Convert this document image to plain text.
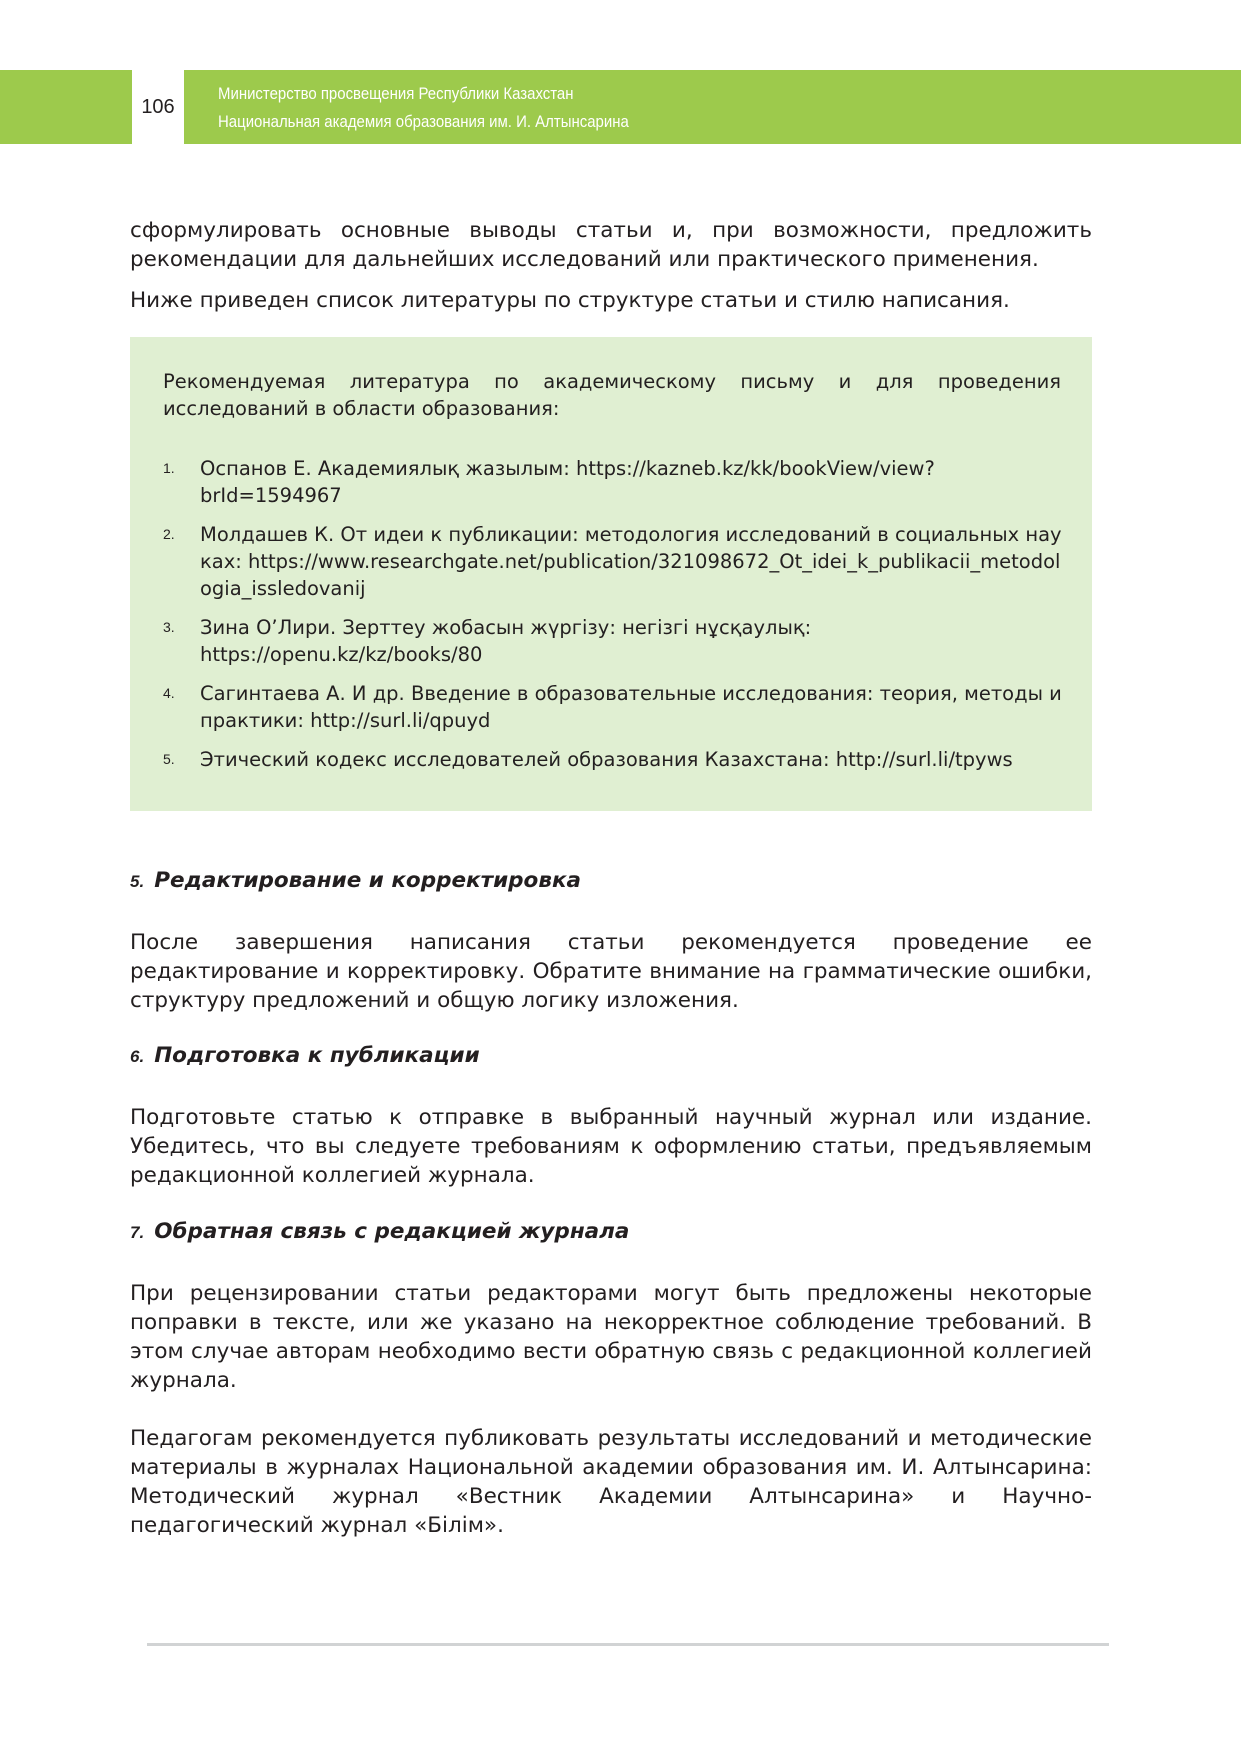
106
Министерство просвещения Республики Казахстан
Национальная академия образования им. И. Алтынсарина

сформулировать основные выводы статьи и, при возможности, предложить рекомендации для дальнейших исследований или практического применения.

Ниже приведен список литературы по структуре статьи и стилю написания.

Рекомендуемая литература по академическому письму и для проведения исследований в области образования:

1. Оспанов Е. Академиялық жазылым: https://kazneb.kz/kk/bookView/view?brId=1594967
2. Молдашев К. От идеи к публикации: методология исследований в социальных науках: https://www.researchgate.net/publication/321098672_Ot_idei_k_publikacii_metodologia_issledovanij
3. Зина О’Лири. Зерттеу жобасын жүргізу: негізгі нұсқаулық: https://openu.kz/kz/books/80
4. Сагинтаева А. И др. Введение в образовательные исследования: теория, методы и практики: http://surl.li/qpuyd
5. Этический кодекс исследователей образования Казахстана: http://surl.li/tpyws
5. Редактирование и корректировка

После завершения написания статьи рекомендуется проведение ее редактирование и корректировку. Обратите внимание на грамматические ошибки, структуру предложений и общую логику изложения.

6. Подготовка к публикации

Подготовьте статью к отправке в выбранный научный журнал или издание. Убедитесь, что вы следуете требованиям к оформлению статьи, предъявляемым редакционной коллегией журнала.

7. Обратная связь с редакцией журнала

При рецензировании статьи редакторами могут быть предложены некоторые поправки в тексте, или же указано на некорректное соблюдение требований. В этом случае авторам необходимо вести обратную связь с редакционной коллегией журнала.

Педагогам рекомендуется публиковать результаты исследований и методические материалы в журналах Национальной академии образования им. И. Алтынсарина: Методический журнал «Вестник Академии Алтынсарина» и Научно-педагогический журнал «Білім».
